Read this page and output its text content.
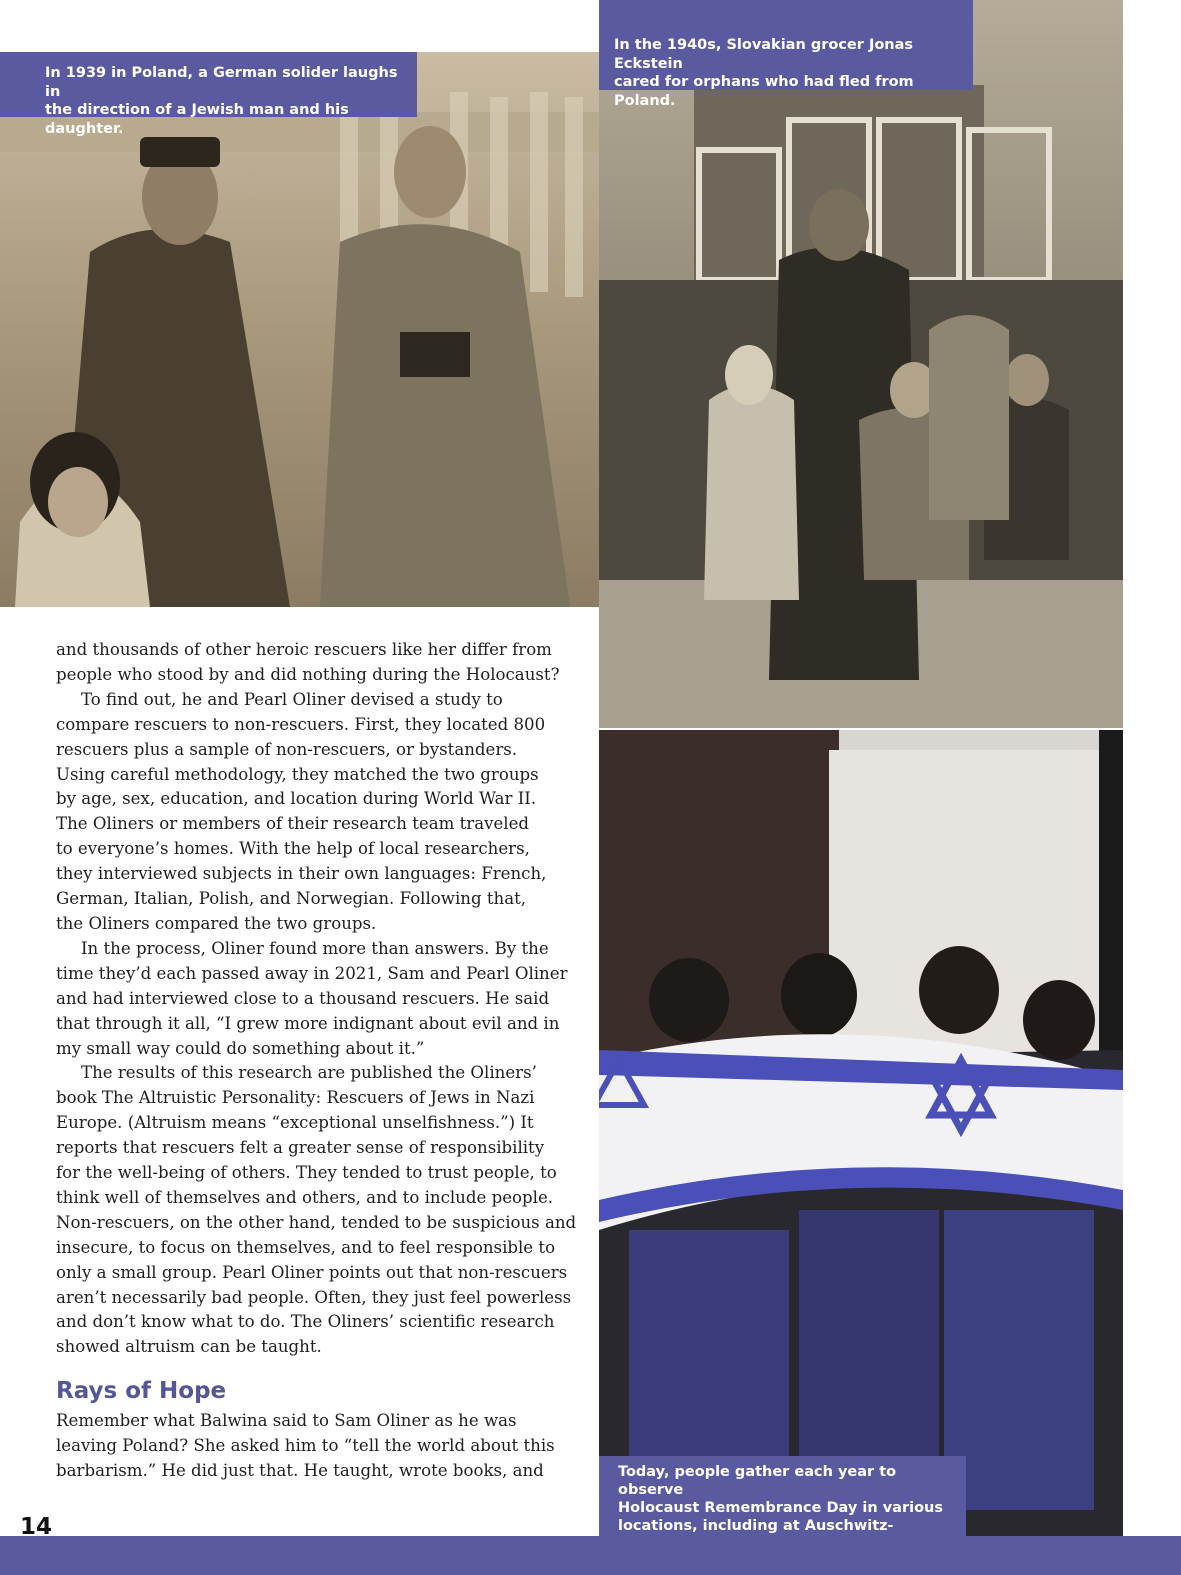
In 1939 in Poland, a German solider laughs in
the direction of a Jewish man and his daughter.
In the 1940s, Slovakian grocer Jonas Eckstein
cared for orphans who had fled from Poland.
Today, people gather each year to observe
Holocaust Remembrance Day in various
locations, including at Auschwitz-

and thousands of other heroic rescuers like her differ from

people who stood by and did nothing during the Holocaust?

To find out, he and Pearl Oliner devised a study to

compare rescuers to non-rescuers. First, they located 800

rescuers plus a sample of non-rescuers, or bystanders.

Using careful methodology, they matched the two groups

by age, sex, education, and location during World War II.

The Oliners or members of their research team traveled

to everyone’s homes. With the help of local researchers,

they interviewed subjects in their own languages: French,

German, Italian, Polish, and Norwegian. Following that,

the Oliners compared the two groups.

In the process, Oliner found more than answers. By the

time they’d each passed away in 2021, Sam and Pearl Oliner

and had interviewed close to a thousand rescuers. He said

that through it all, “I grew more indignant about evil and in

my small way could do something about it.”

The results of this research are published the Oliners’

book The Altruistic Personality: Rescuers of Jews in Nazi

Europe. (Altruism means “exceptional unselfishness.”) It

reports that rescuers felt a greater sense of responsibility

for the well-being of others. They tended to trust people, to

think well of themselves and others, and to include people.

Non-rescuers, on the other hand, tended to be suspicious and

insecure, to focus on themselves, and to feel responsible to

only a small group. Pearl Oliner points out that non-rescuers

aren’t necessarily bad people. Often, they just feel powerless

and don’t know what to do. The Oliners’ scientific research

showed altruism can be taught.

Rays of Hope

Remember what Balwina said to Sam Oliner as he was

leaving Poland? She asked him to “tell the world about this

barbarism.” He did just that. He taught, wrote books, and

14
